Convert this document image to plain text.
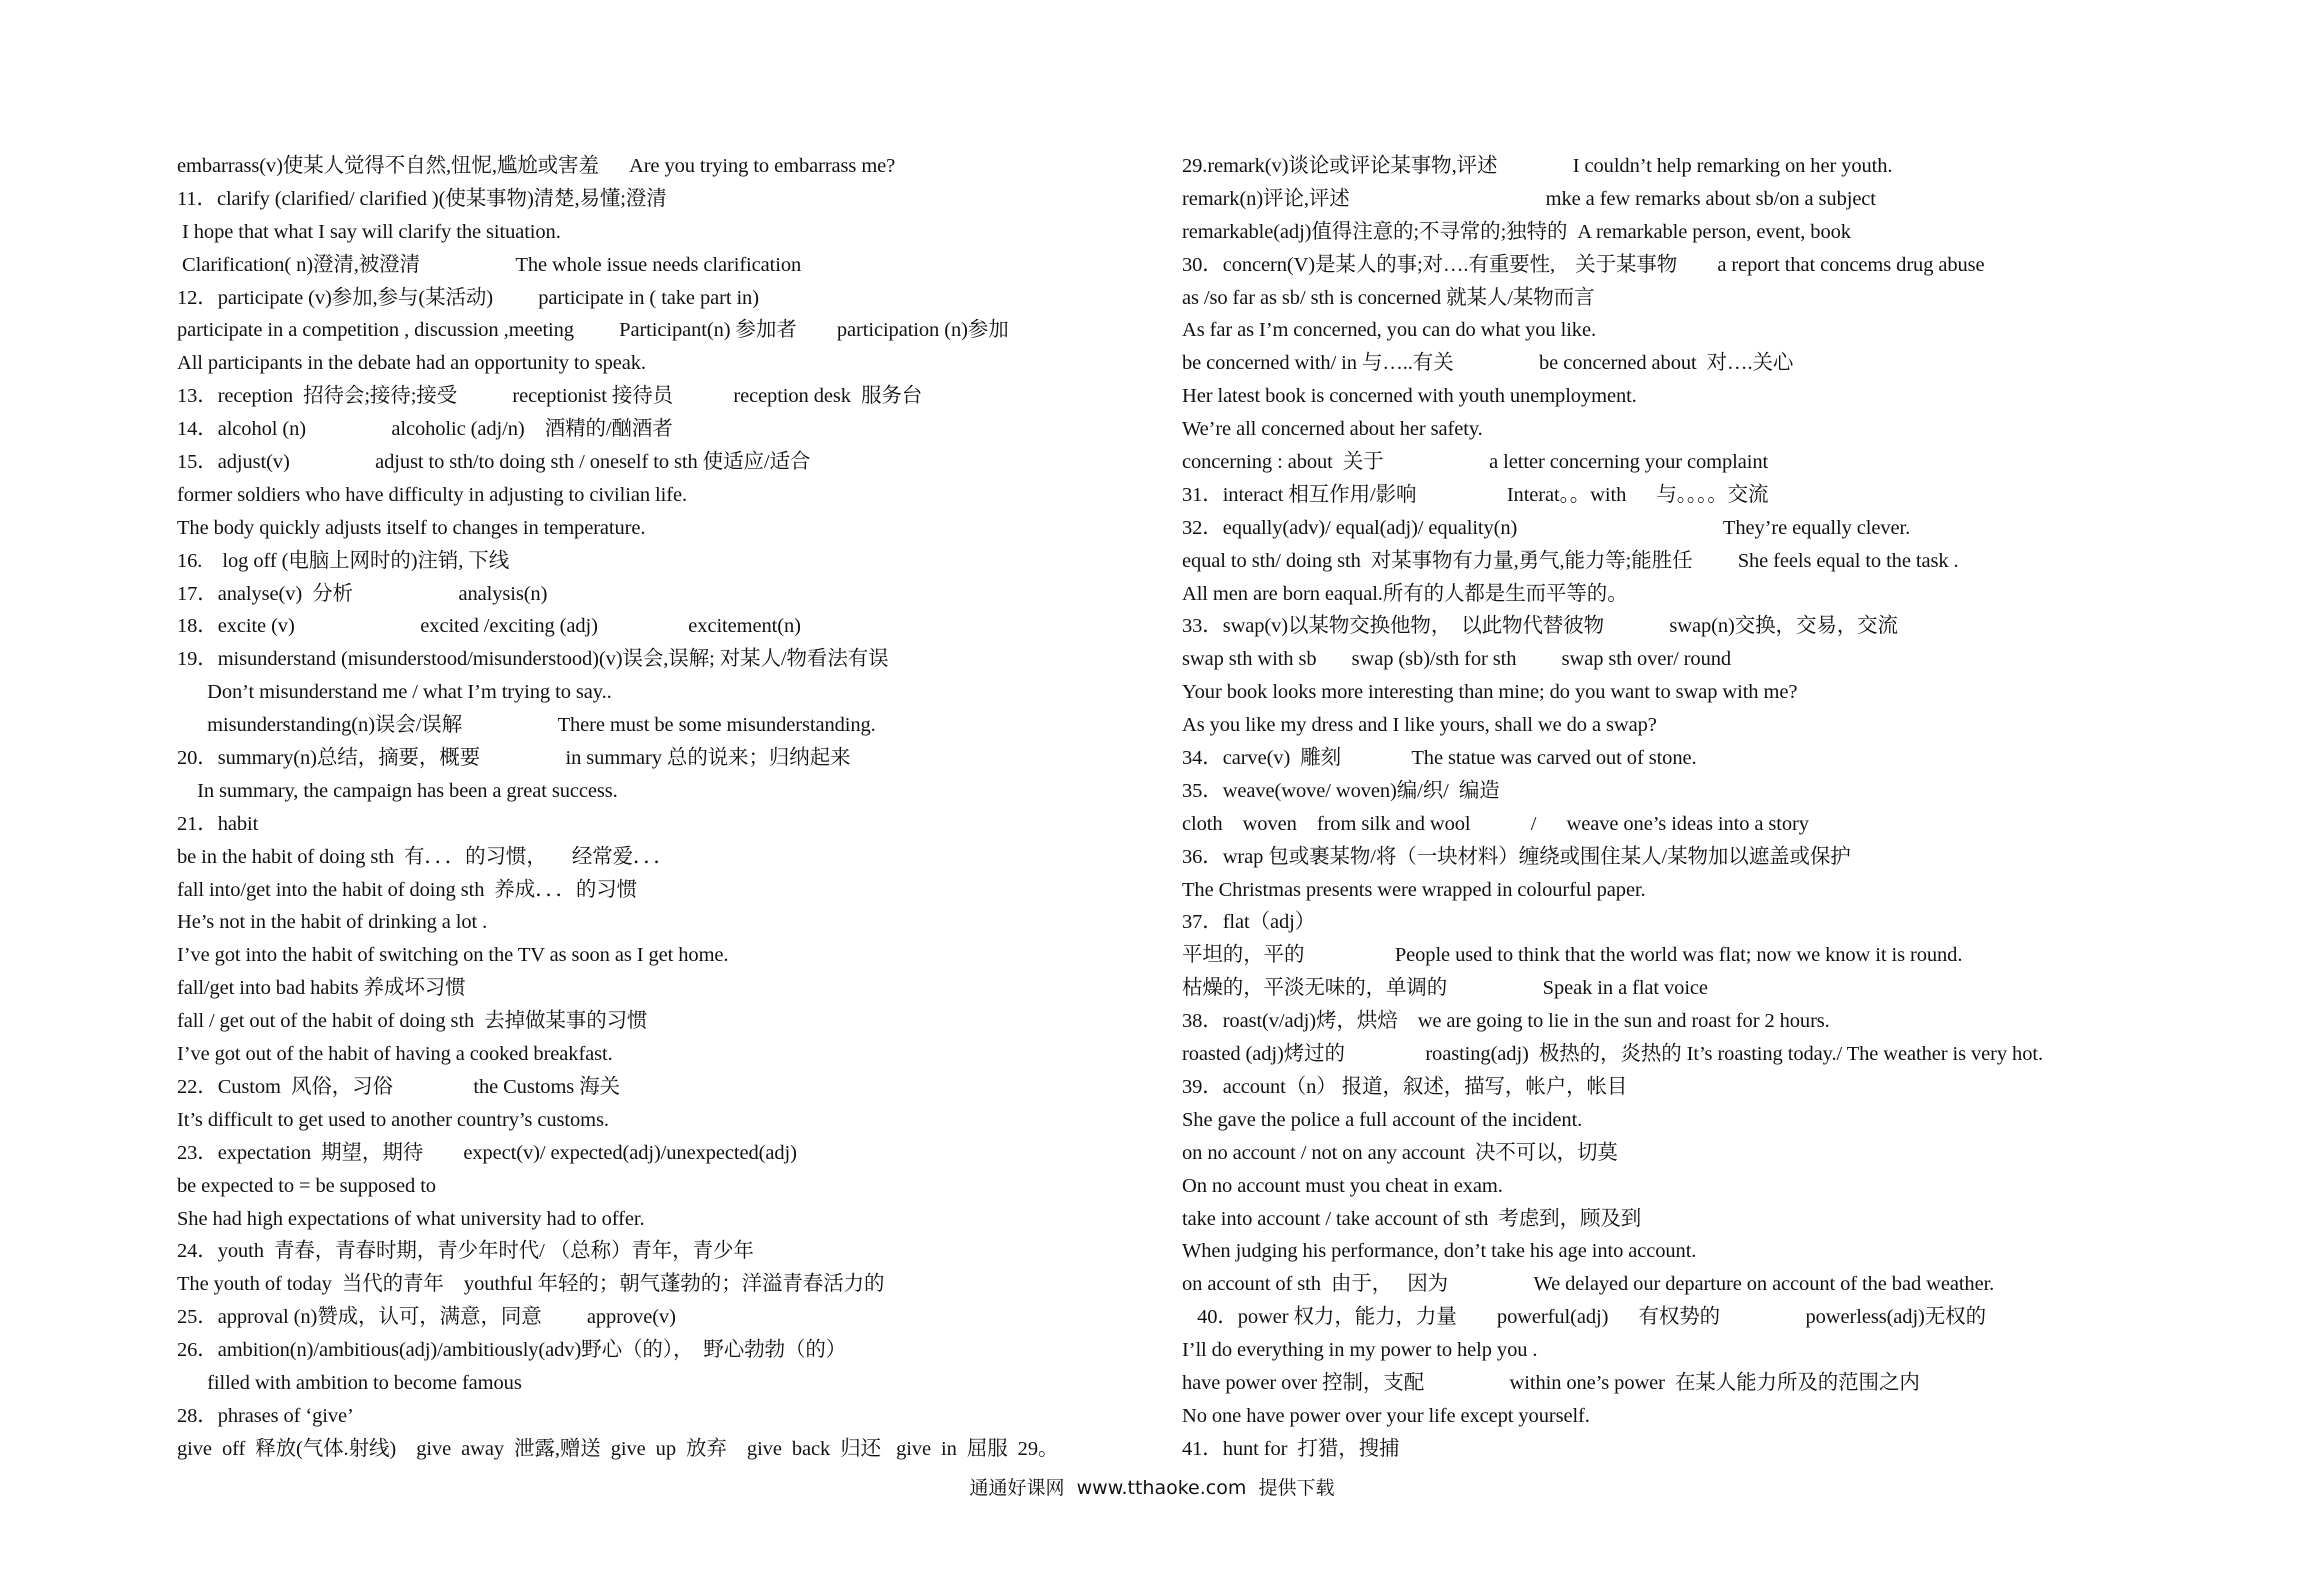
embarrass(v)使某人觉得不自然,忸怩,尴尬或害羞      Are you trying to embarrass me?
11．clarify (clarified/ clarified )(使某事物)清楚,易懂;澄清
I hope that what I say will clarify the situation.
Clarification( n)澄清,被澄清                   The whole issue needs clarification
12．participate (v)参加,参与(某活动)         participate in ( take part in)
participate in a competition , discussion ,meeting         Participant(n) 参加者        participation (n)参加
All participants in the debate had an opportunity to speak.
13．reception  招待会;接待;接受           receptionist 接待员            reception desk  服务台
14．alcohol (n)                 alcoholic (adj/n)    酒精的/酗酒者
15．adjust(v)                 adjust to sth/to doing sth / oneself to sth 使适应/适合
former soldiers who have difficulty in adjusting to civilian life.
The body quickly adjusts itself to changes in temperature.
16.    log off (电脑上网时的)注销, 下线
17．analyse(v)  分析                     analysis(n)
18．excite (v)                         excited /exciting (adj)                  excitement(n)
19．misunderstand (misunderstood/misunderstood)(v)误会,误解; 对某人/物看法有误
Don’t misunderstand me / what I’m trying to say..
misunderstanding(n)误会/误解                   There must be some misunderstanding.
20．summary(n)总结，摘要，概要                 in summary 总的说来；归纳起来
In summary, the campaign has been a great success.
21．habit
be in the habit of doing sth  有．．．的习惯，     经常爱．．．
fall into/get into the habit of doing sth  养成．．．的习惯
He’s not in the habit of drinking a lot .
I’ve got into the habit of switching on the TV as soon as I get home.
fall/get into bad habits 养成坏习惯
fall / get out of the habit of doing sth  去掉做某事的习惯
I’ve got out of the habit of having a cooked breakfast.
22．Custom  风俗，习俗                the Customs 海关
It’s difficult to get used to another country’s customs.
23．expectation  期望，期待        expect(v)/ expected(adj)/unexpected(adj)
be expected to = be supposed to
She had high expectations of what university had to offer.
24．youth  青春，青春时期，青少年时代/ （总称）青年，青少年
The youth of today  当代的青年    youthful 年轻的；朝气蓬勃的；洋溢青春活力的
25．approval (n)赞成，认可，满意，同意         approve(v)
26．ambition(n)/ambitious(adj)/ambitiously(adv)野心（的），  野心勃勃（的）
filled with ambition to become famous
28．phrases of ‘give’
give  off  释放(气体.射线)    give  away  泄露,赠送  give  up  放弃    give  back  归还   give  in  屈服  29。
29.remark(v)谈论或评论某事物,评述               I couldn’t help remarking on her youth.
remark(n)评论,评述                                       mke a few remarks about sb/on a subject
remarkable(adj)值得注意的;不寻常的;独特的  A remarkable person, event, book
30．concern(V)是某人的事;对….有重要性,    关于某事物        a report that concems drug abuse
as /so far as sb/ sth is concerned 就某人/某物而言
As far as I’m concerned, you can do what you like.
be concerned with/ in 与…..有关                 be concerned about  对….关心
Her latest book is concerned with youth unemployment.
We’re all concerned about her safety.
concerning : about  关于                     a letter concerning your complaint
31．interact 相互作用/影响                  Interat。。with      与。。。。交流
32．equally(adv)/ equal(adj)/ equality(n)                                         They’re equally clever.
equal to sth/ doing sth  对某事物有力量,勇气,能力等;能胜任         She feels equal to the task .
All men are born eaqual.所有的人都是生而平等的。
33．swap(v)以某物交换他物，  以此物代替彼物             swap(n)交换，交易，交流
swap sth with sb       swap (sb)/sth for sth         swap sth over/ round
Your book looks more interesting than mine; do you want to swap with me?
As you like my dress and I like yours, shall we do a swap?
34．carve(v)  雕刻              The statue was carved out of stone.
35．weave(wove/ woven)编/织/  编造
cloth    woven    from silk and wool            /      weave one’s ideas into a story
36．wrap 包或裹某物/将（一块材料）缠绕或围住某人/某物加以遮盖或保护
The Christmas presents were wrapped in colourful paper.
37．flat（adj）
平坦的，平的                  People used to think that the world was flat; now we know it is round.
枯燥的，平淡无味的，单调的                   Speak in a flat voice
38．roast(v/adj)烤，烘焙    we are going to lie in the sun and roast for 2 hours.
roasted (adj)烤过的                roasting(adj)  极热的，炎热的 It’s roasting today./ The weather is very hot.
39．account（n） 报道，叙述，描写，帐户，帐目
She gave the police a full account of the incident.
on no account / not on any account  决不可以，切莫
On no account must you cheat in exam.
take into account / take account of sth  考虑到，顾及到
When judging his performance, don’t take his age into account.
on account of sth  由于，   因为                 We delayed our departure on account of the bad weather.
40．power 权力，能力，力量        powerful(adj)      有权势的                 powerless(adj)无权的
I’ll do everything in my power to help you .
have power over 控制，支配                 within one’s power  在某人能力所及的范围之内
No one have power over your life except yourself.
41．hunt for  打猎，搜捕
通通好课网  www.tthaoke.com  提供下载
